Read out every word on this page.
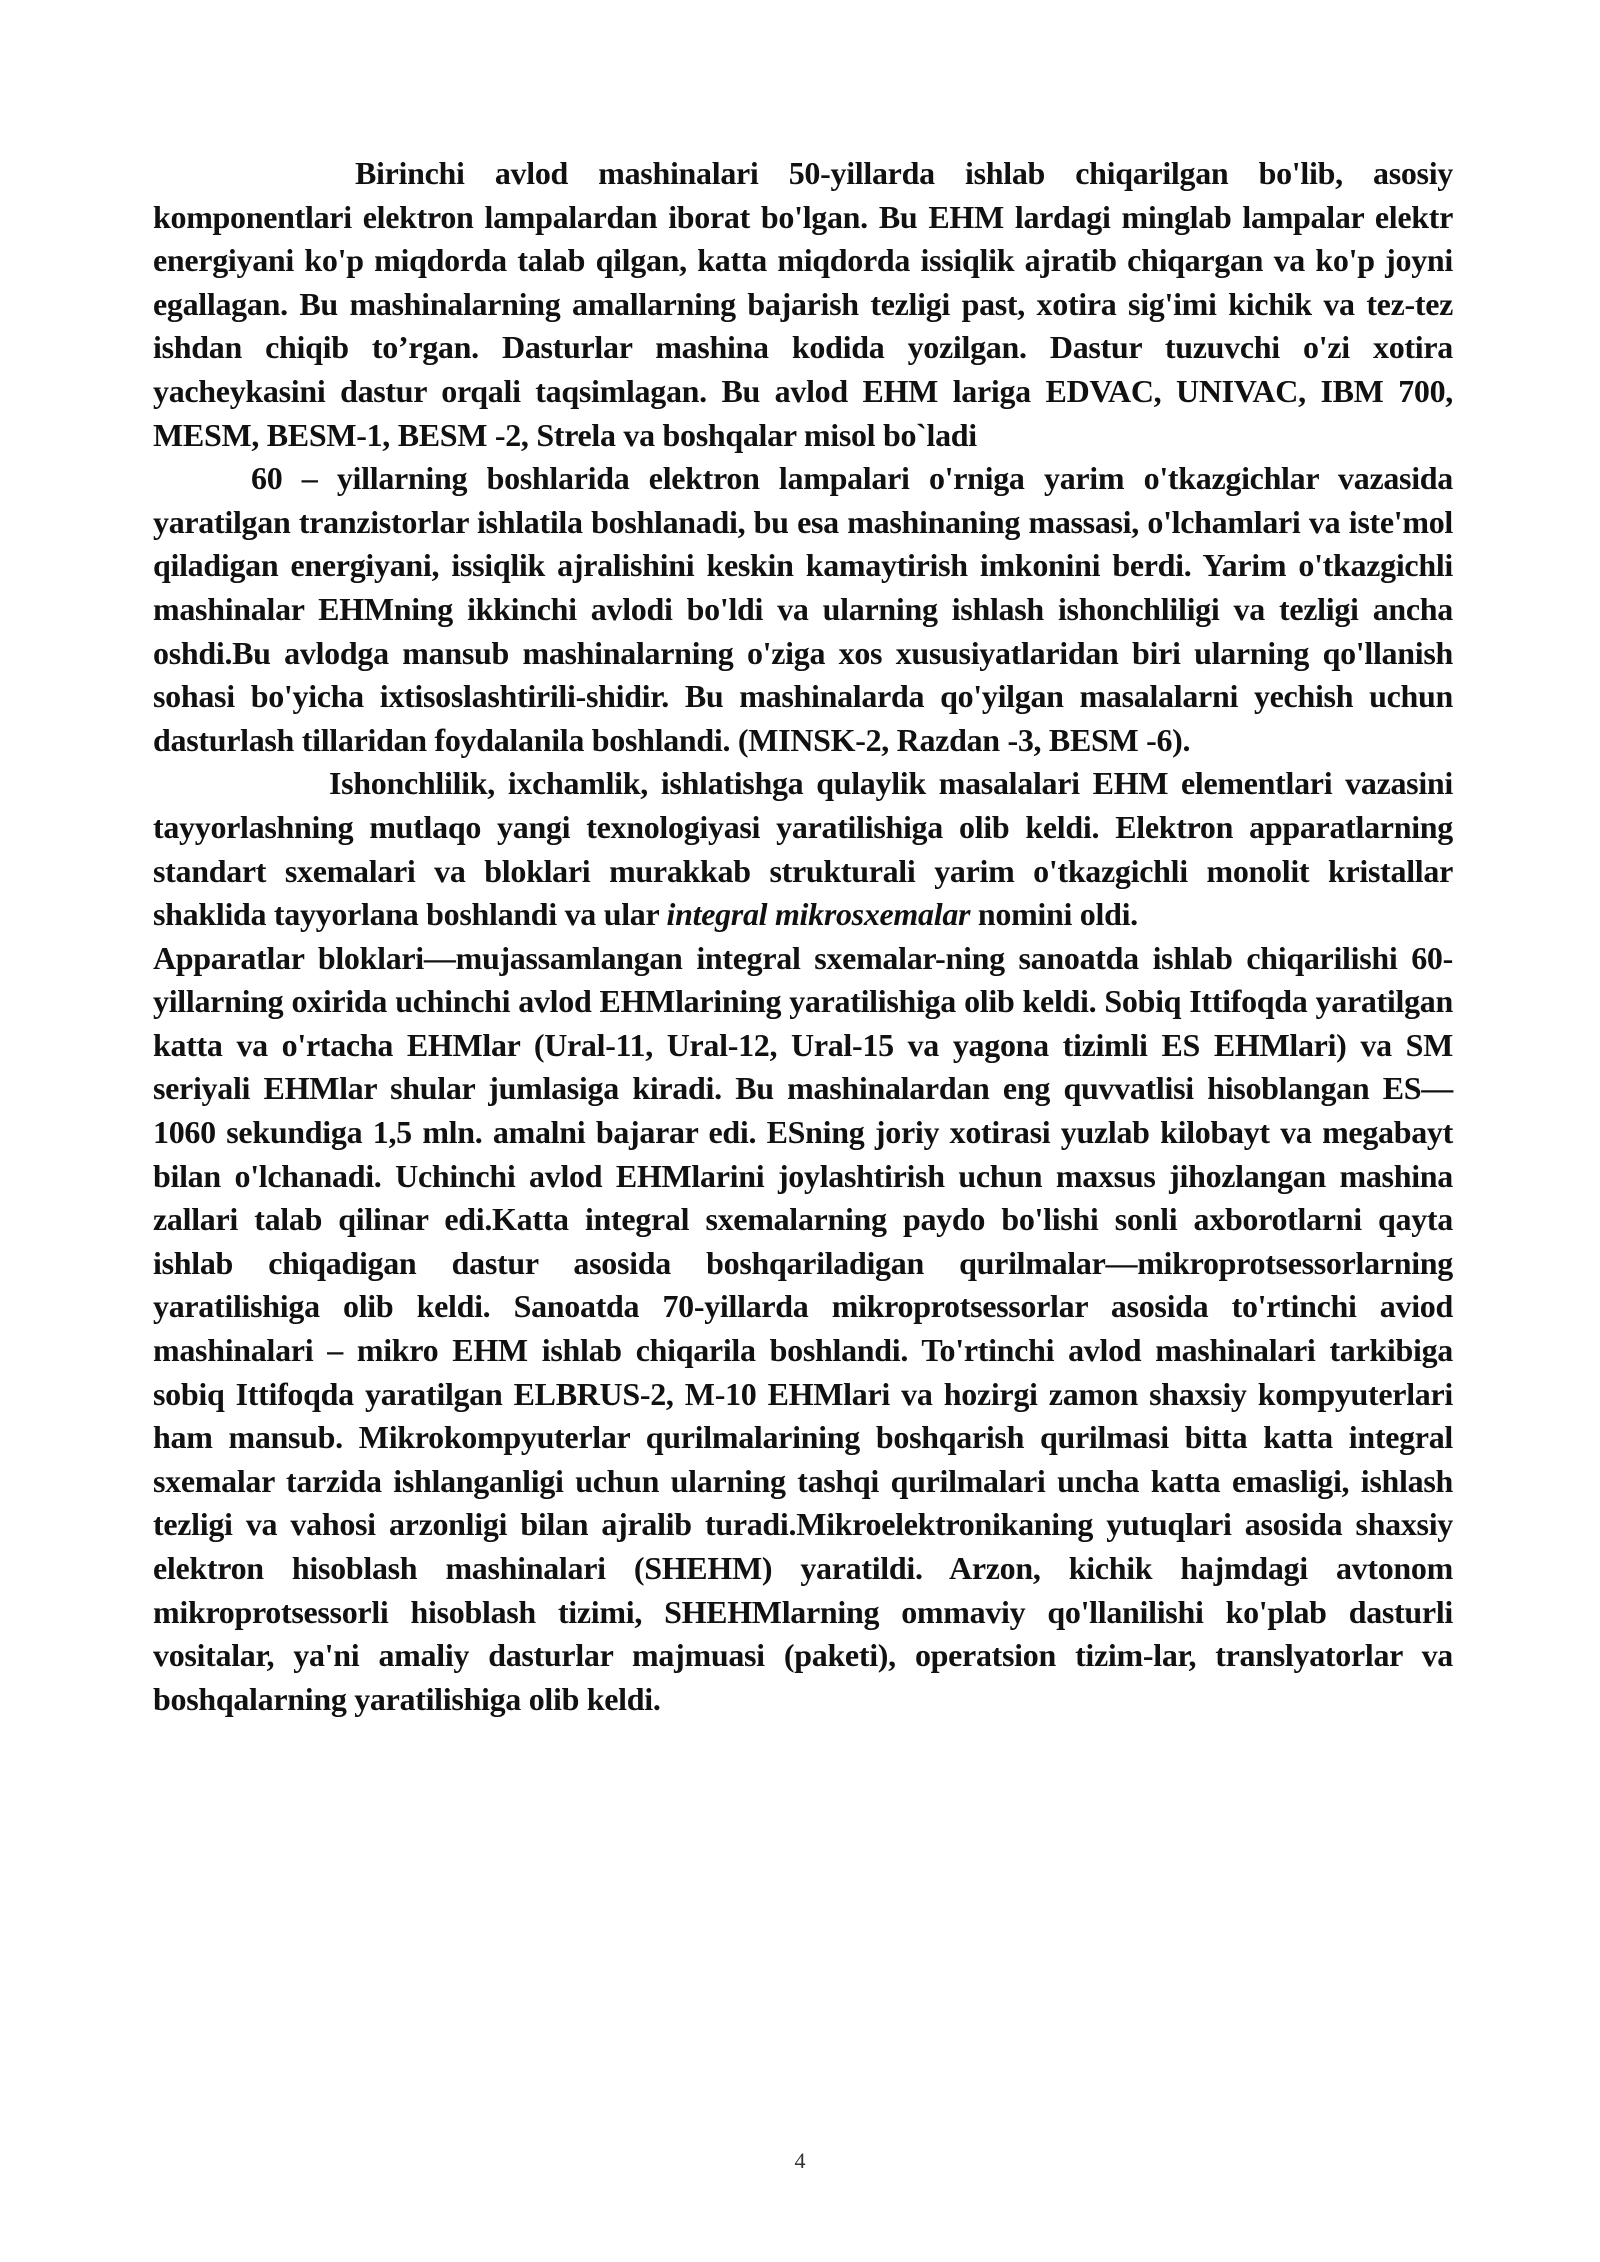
Birinchi avlod mashinalari 50-yillarda ishlab chiqarilgan bo'lib, asosiy komponentlari elektron lampalardan iborat bo'lgan. Bu EHM lardagi minglab lampalar elektr energiyani ko'p miqdorda talab qilgan, katta miqdorda issiqlik ajratib chiqargan va ko'p joyni egallagan. Bu mashinalarning amallarning bajarish tezligi past, xotira sig'imi kichik va tez-tez ishdan chiqib to’rgan. Dasturlar mashina kodida yozilgan. Dastur tuzuvchi o'zi xotira yacheykasini dastur orqali taqsimlagan. Bu avlod EHM lariga EDVAC, UNIVAC, IBM 700, MESM, BESM-1, BESM -2, Strela va boshqalar misol bo`ladi

60 – yillarning boshlarida elektron lampalari o'rniga yarim o'tkazgichlar vazasida yaratilgan tranzistorlar ishlatila boshlanadi, bu esa mashinaning massasi, o'lchamlari va iste'mol qiladigan energiyani, issiqlik ajralishini keskin kamaytirish imkonini berdi. Yarim o'tkazgichli mashinalar EHMning ikkinchi avlodi bo'ldi va ularning ishlash ishonchliligi va tezligi ancha oshdi.Bu avlodga mansub mashinalarning o'ziga xos xususiyatlaridan biri ularning qo'llanish sohasi bo'yicha ixtisoslashtirili-shidir. Bu mashinalarda qo'yilgan masalalarni yechish uchun dasturlash tillaridan foydalanila boshlandi. (MINSK-2, Razdan -3, BESM -6).

Ishonchlilik, ixchamlik, ishlatishga qulaylik masalalari EHM elementlari vazasini tayyorlashning mutlaqo yangi texnologiyasi yaratilishiga olib keldi. Elektron apparatlarning standart sxemalari va bloklari murakkab strukturali yarim o'tkazgichli monolit kristallar shaklida tayyorlana boshlandi va ular integral mikrosxemalar nomini oldi.

Apparatlar bloklari—mujassamlangan integral sxemalar-ning sanoatda ishlab chiqarilishi 60-yillarning oxirida uchinchi avlod EHMlarining yaratilishiga olib keldi. Sobiq Ittifoqda yaratilgan katta va o'rtacha EHMlar (Ural-11, Ural-12, Ural-15 va yagona tizimli ES EHMlari) va SM seriyali EHMlar shular jumlasiga kiradi. Bu mashinalardan eng quvvatlisi hisoblangan ES—1060 sekundiga 1,5 mln. amalni bajarar edi. ESning joriy xotirasi yuzlab kilobayt va megabayt bilan o'lchanadi. Uchinchi avlod EHMlarini joylashtirish uchun maxsus jihozlangan mashina zallari talab qilinar edi.Katta integral sxemalarning paydo bo'lishi sonli axborotlarni qayta ishlab chiqadigan dastur asosida boshqariladigan qurilmalar—mikroprotsessorlarning yaratilishiga olib keldi. Sanoatda 70-yillarda mikroprotsessorlar asosida to'rtinchi aviod mashinalari – mikro EHM ishlab chiqarila boshlandi. To'rtinchi avlod mashinalari tarkibiga sobiq Ittifoqda yaratilgan ELBRUS-2, M-10 EHMlari va hozirgi zamon shaxsiy kompyuterlari ham mansub. Mikrokompyuterlar qurilmalarining boshqarish qurilmasi bitta katta integral sxemalar tarzida ishlanganligi uchun ularning tashqi qurilmalari uncha katta emasligi, ishlash tezligi va vahosi arzonligi bilan ajralib turadi.Mikroelektronikaning yutuqlari asosida shaxsiy elektron hisoblash mashinalari (SHEHM) yaratildi. Arzon, kichik hajmdagi avtonom mikroprotsessorli hisoblash tizimi, SHEHMlarning ommaviy qo'llanilishi ko'plab dasturli vositalar, ya'ni amaliy dasturlar majmuasi (paketi), operatsion tizim-lar, translyatorlar va boshqalarning yaratilishiga olib keldi.

4
